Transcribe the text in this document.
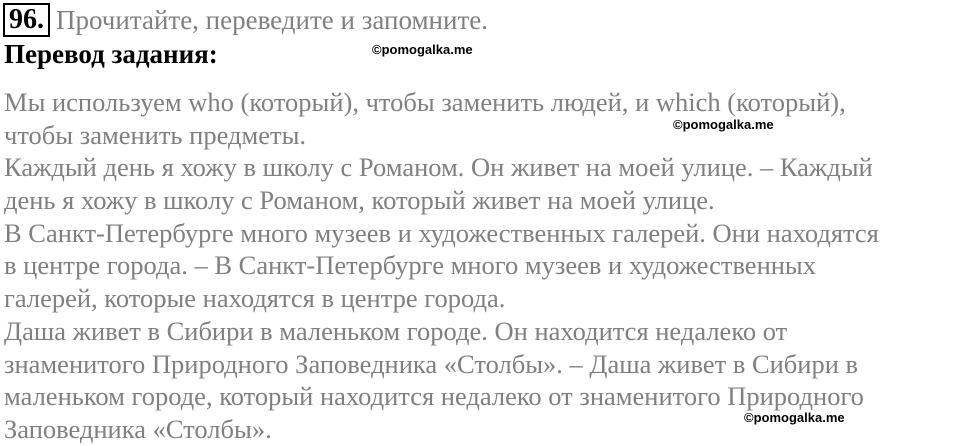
96. Прочитайте, переведите и запомните.
Перевод задания:	©pomogalka.me
©pomogalka.me
©pomogalka.me
Мы используем who (который), чтобы заменить людей, и which (который),
чтобы заменить предметы.
Каждый день я хожу в школу с Романом. Он живет на моей улице. – Каждый
день я хожу в школу с Романом, который живет на моей улице.
В Санкт-Петербурге много музеев и художественных галерей. Они находятся
в центре города. – В Санкт-Петербурге много музеев и художественных
галерей, которые находятся в центре города.
Даша живет в Сибири в маленьком городе. Он находится недалеко от
знаменитого Природного Заповедника «Столбы». – Даша живет в Сибири в
маленьком городе, который находится недалеко от знаменитого Природного
Заповедника «Столбы».
